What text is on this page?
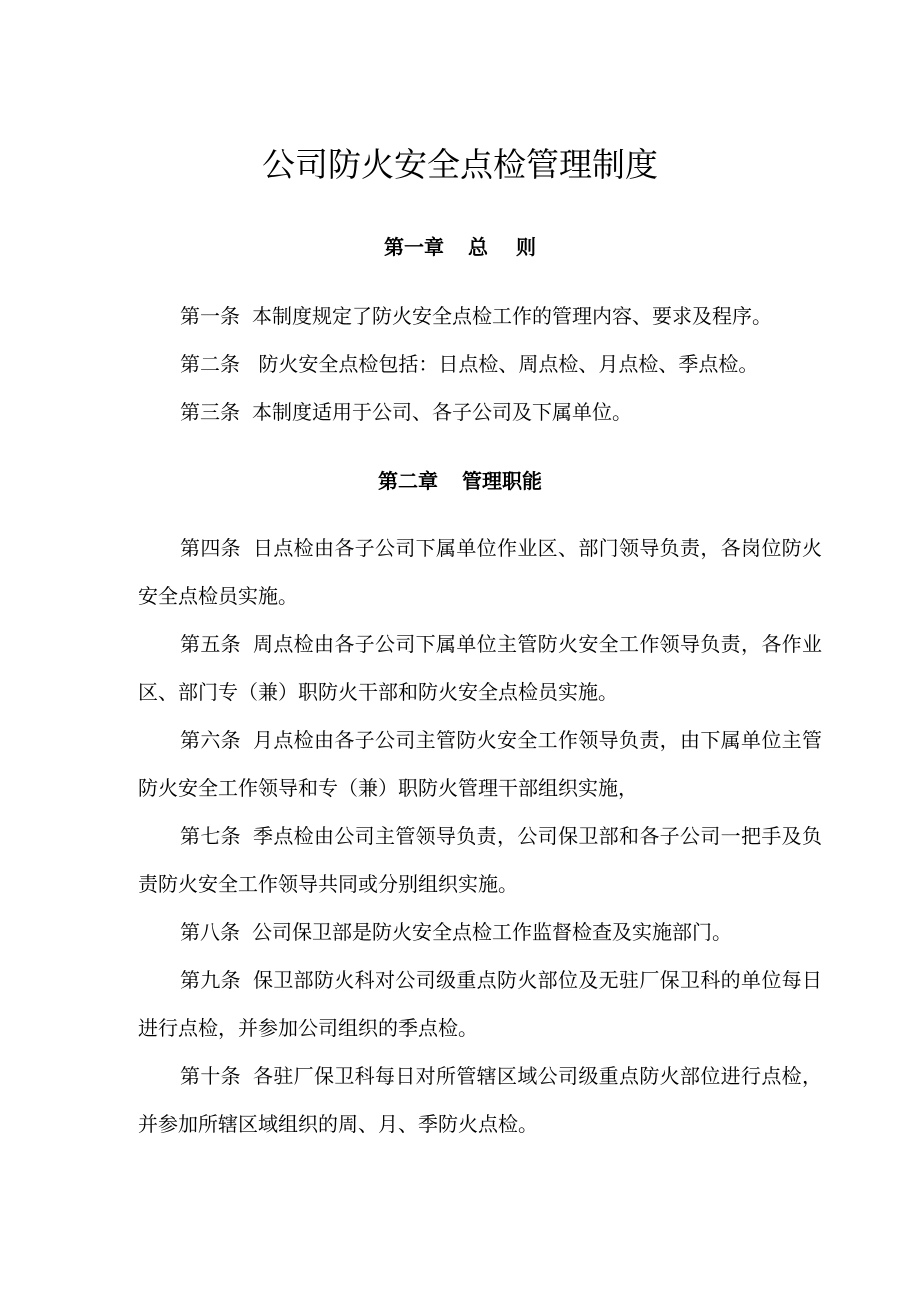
公司防火安全点检管理制度
第一章 总 则
第一条 本制度规定了防火安全点检工作的管理内容、要求及程序。
第二条 防火安全点检包括：日点检、周点检、月点检、季点检。
第三条 本制度适用于公司、各子公司及下属单位。
第二章 管理职能
第四条 日点检由各子公司下属单位作业区、部门领导负责，各岗位防火安全点检员实施。
第五条 周点检由各子公司下属单位主管防火安全工作领导负责，各作业区、部门专（兼）职防火干部和防火安全点检员实施。
第六条 月点检由各子公司主管防火安全工作领导负责，由下属单位主管防火安全工作领导和专（兼）职防火管理干部组织实施，
第七条 季点检由公司主管领导负责，公司保卫部和各子公司一把手及负责防火安全工作领导共同或分别组织实施。
第八条 公司保卫部是防火安全点检工作监督检查及实施部门。
第九条 保卫部防火科对公司级重点防火部位及无驻厂保卫科的单位每日进行点检，并参加公司组织的季点检。
第十条 各驻厂保卫科每日对所管辖区域公司级重点防火部位进行点检，并参加所辖区域组织的周、月、季防火点检。
